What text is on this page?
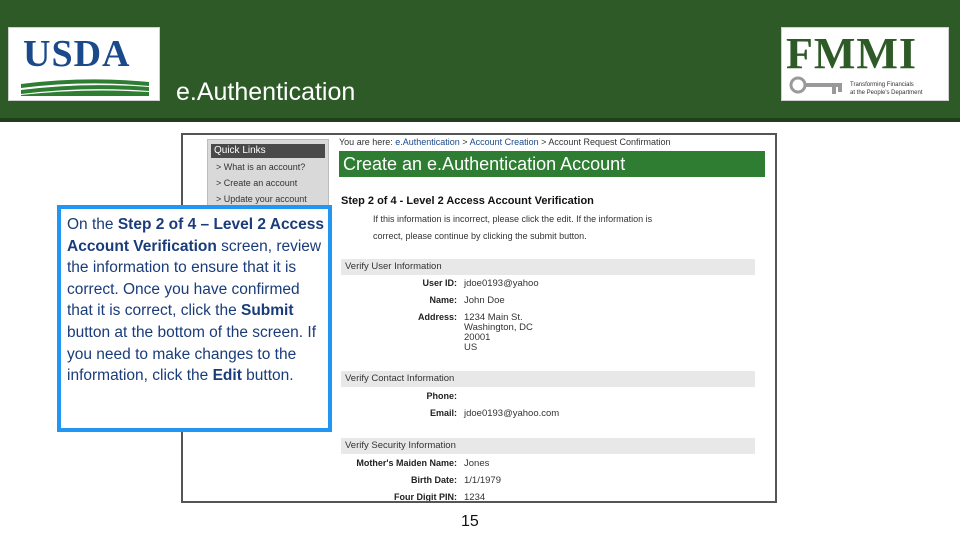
USDA
e.Authentication
FMMI
Transforming Financials
at the People's Department
Quick Links
> What is an account?
> Create an account
> Update your account
You are here: e.Authentication > Account Creation > Account Request Confirmation
Create an e.Authentication Account
Step 2 of 4 - Level 2 Access Account Verification
If this information is incorrect, please click the edit. If the information is
correct, please continue by clicking the submit button.
Verify User Information
User ID: jdoe0193@yahoo
Name: John Doe
Address: 1234 Main St.
Washington, DC
20001
US
Verify Contact Information
Phone:
Email: jdoe0193@yahoo.com
Verify Security Information
Mother's Maiden Name: Jones
Birth Date: 1/1/1979
Four Digit PIN: 1234
On the Step 2 of 4 – Level 2 Access Account Verification screen, review the information to ensure that it is correct. Once you have confirmed that it is correct, click the Submit button at the bottom of the screen. If you need to make changes to the information, click the Edit button.
15
